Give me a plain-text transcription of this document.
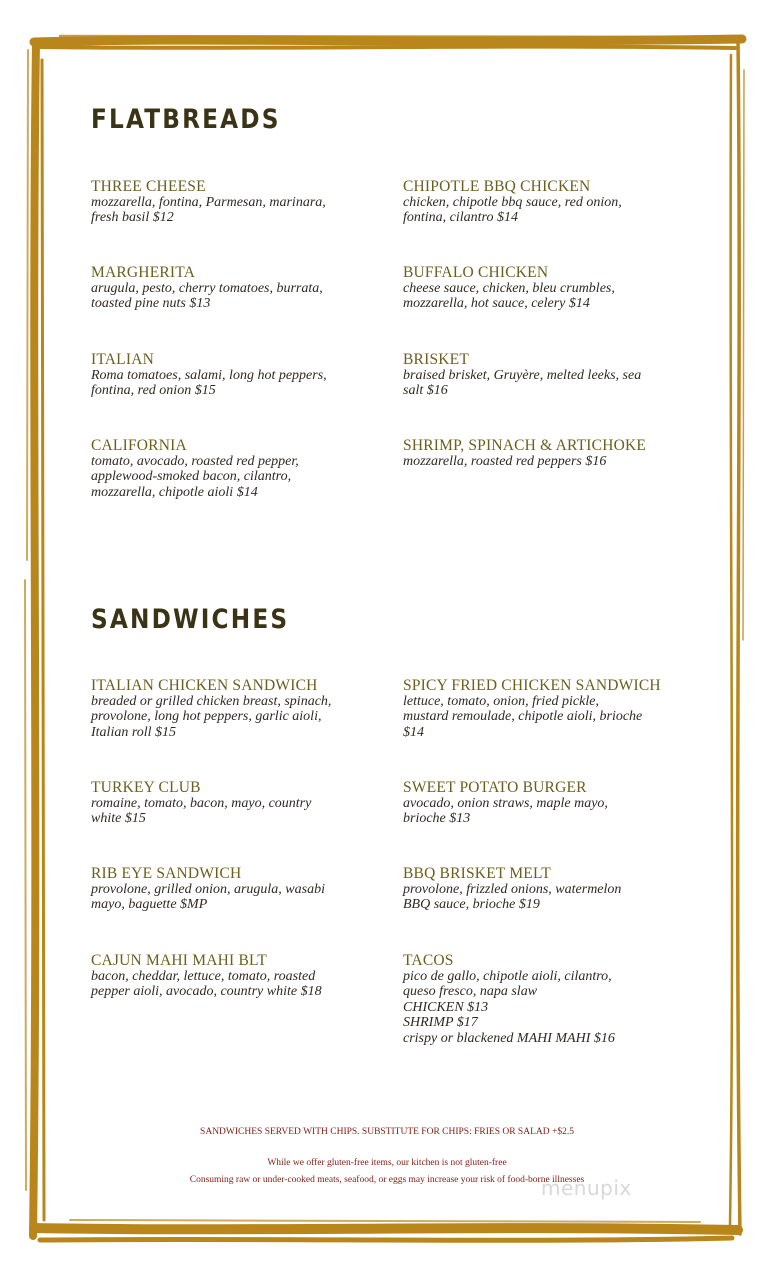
FLATBREADS
THREE CHEESE
mozzarella, fontina, Parmesan, marinara,
fresh basil $12
CHIPOTLE BBQ CHICKEN
chicken, chipotle bbq sauce, red onion,
fontina, cilantro $14
MARGHERITA
arugula, pesto, cherry tomatoes, burrata,
toasted pine nuts $13
BUFFALO CHICKEN
cheese sauce, chicken, bleu crumbles,
mozzarella, hot sauce, celery $14
ITALIAN
Roma tomatoes, salami, long hot peppers,
fontina, red onion $15
BRISKET
braised brisket, Gruyère, melted leeks, sea
salt $16
CALIFORNIA
tomato, avocado, roasted red pepper,
applewood-smoked bacon, cilantro,
mozzarella, chipotle aioli $14
SHRIMP, SPINACH & ARTICHOKE
mozzarella, roasted red peppers $16
SANDWICHES
ITALIAN CHICKEN SANDWICH
breaded or grilled chicken breast, spinach,
provolone, long hot peppers, garlic aioli,
Italian roll $15
SPICY FRIED CHICKEN SANDWICH
lettuce, tomato, onion, fried pickle,
mustard remoulade, chipotle aioli, brioche
$14
TURKEY CLUB
romaine, tomato, bacon, mayo, country
white $15
SWEET POTATO BURGER
avocado, onion straws, maple mayo,
brioche $13
RIB EYE SANDWICH
provolone, grilled onion, arugula, wasabi
mayo, baguette $MP
BBQ BRISKET MELT
provolone, frizzled onions, watermelon
BBQ sauce, brioche $19
CAJUN MAHI MAHI BLT
bacon, cheddar, lettuce, tomato, roasted
pepper aioli, avocado, country white $18
TACOS
pico de gallo, chipotle aioli, cilantro,
queso fresco, napa slaw
CHICKEN $13
SHRIMP $17
crispy or blackened MAHI MAHI $16
SANDWICHES SERVED WITH CHIPS. SUBSTITUTE FOR CHIPS: FRIES OR SALAD +$2.5
While we offer gluten-free items, our kitchen is not gluten-free
Consuming raw or under-cooked meats, seafood, or eggs may increase your risk of food-borne illnesses
menupix
